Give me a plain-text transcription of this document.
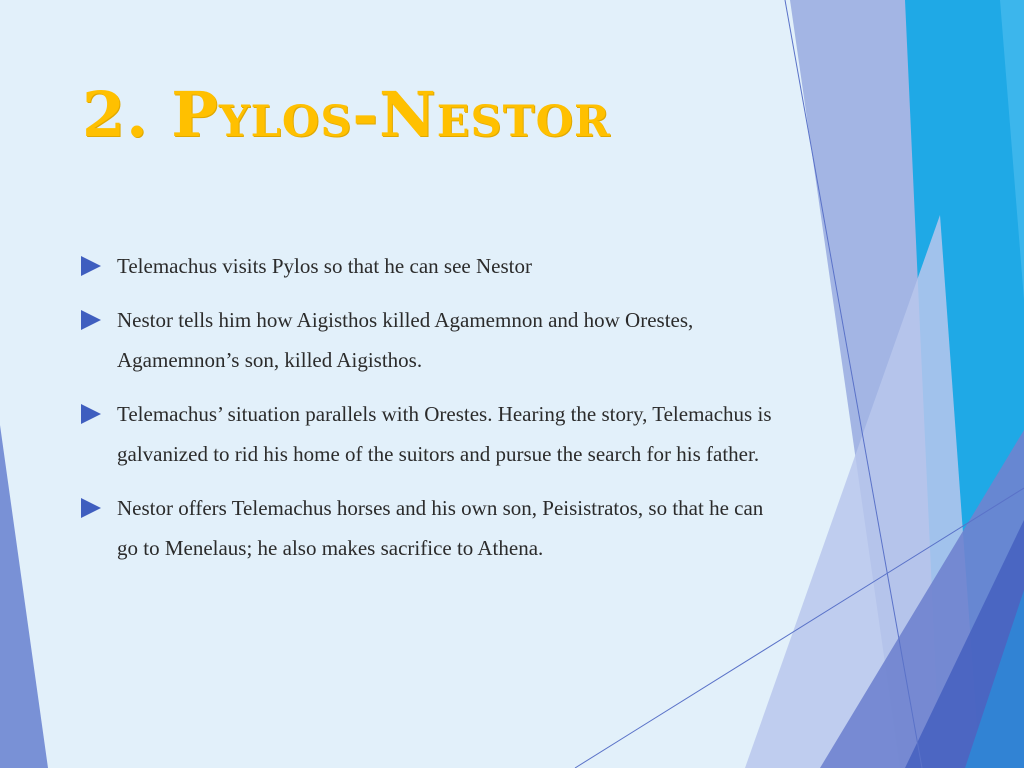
2. Pylos-Nestor
Telemachus visits Pylos so that he can see Nestor
Nestor tells him how Aigisthos killed Agamemnon and how Orestes, Agamemnon’s son, killed Aigisthos.
Telemachus’ situation parallels with Orestes. Hearing the story, Telemachus is galvanized to rid his home of the suitors and pursue the search for his father.
Nestor offers Telemachus horses and his own son, Peisistratos, so that he can go to Menelaus; he also makes sacrifice to Athena.
